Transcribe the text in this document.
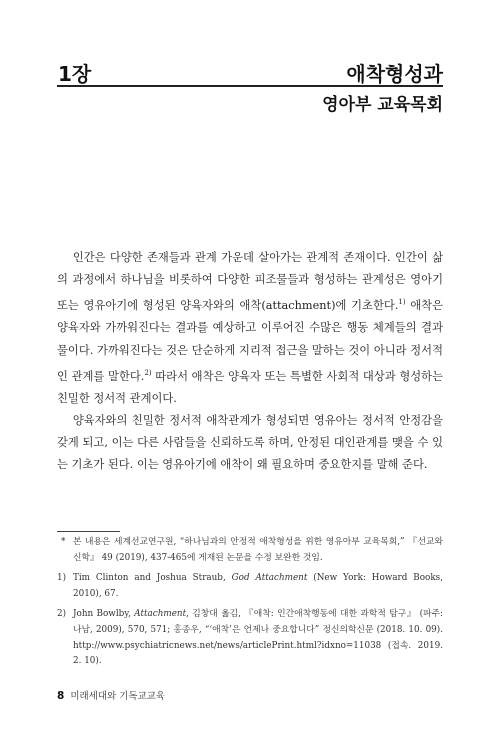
1장	애착형성과
영아부 교육목회

인간은 다양한 존재들과 관계 가운데 살아가는 관계적 존재이다. 인간이 삶의 과정에서 하나님을 비롯하여 다양한 피조물들과 형성하는 관계성은 영아기 또는 영유아기에 형성된 양육자와의 애착(attachment)에 기초한다.$^{1)}$ 애착은 양육자와 가까워진다는 결과를 예상하고 이루어진 수많은 행동 체계들의 결과물이다. 가까워진다는 것은 단순하게 지리적 접근을 말하는 것이 아니라 정서적인 관계를 말한다.$^{2)}$ 따라서 애착은 양육자 또는 특별한 사회적 대상과 형성하는 친밀한 정서적 관계이다.

양육자와의 친밀한 정서적 애착관계가 형성되면 영유아는 정서적 안정감을 갖게 되고, 이는 다른 사람들을 신뢰하도록 하며, 안정된 대인관계를 맺을 수 있는 기초가 된다. 이는 영유아기에 애착이 왜 필요하며 중요한지를 말해 준다.

* 본 내용은 세계선교연구원, “하나님과의 안정적 애착형성을 위한 영유아부 교육목회,” 『선교와 신학』 49 (2019), 437-465에 게재된 논문을 수정 보완한 것임.
1) Tim Clinton and Joshua Straub, God Attachment (New York: Howard Books, 2010), 67.
2) John Bowlby, Attachment, 김창대 옮김, 『애착: 인간애착행동에 대한 과학적 탐구』 (파주: 나남, 2009), 570, 571; 홍종우, “‘애착’은 언제나 중요합니다” 정신의학신문 (2018. 10. 09). http://www.psychiatricnews.net/news/articlePrint.html?idxno=11038 (접속. 2019. 2. 10).
8 미래세대와 기독교교육
